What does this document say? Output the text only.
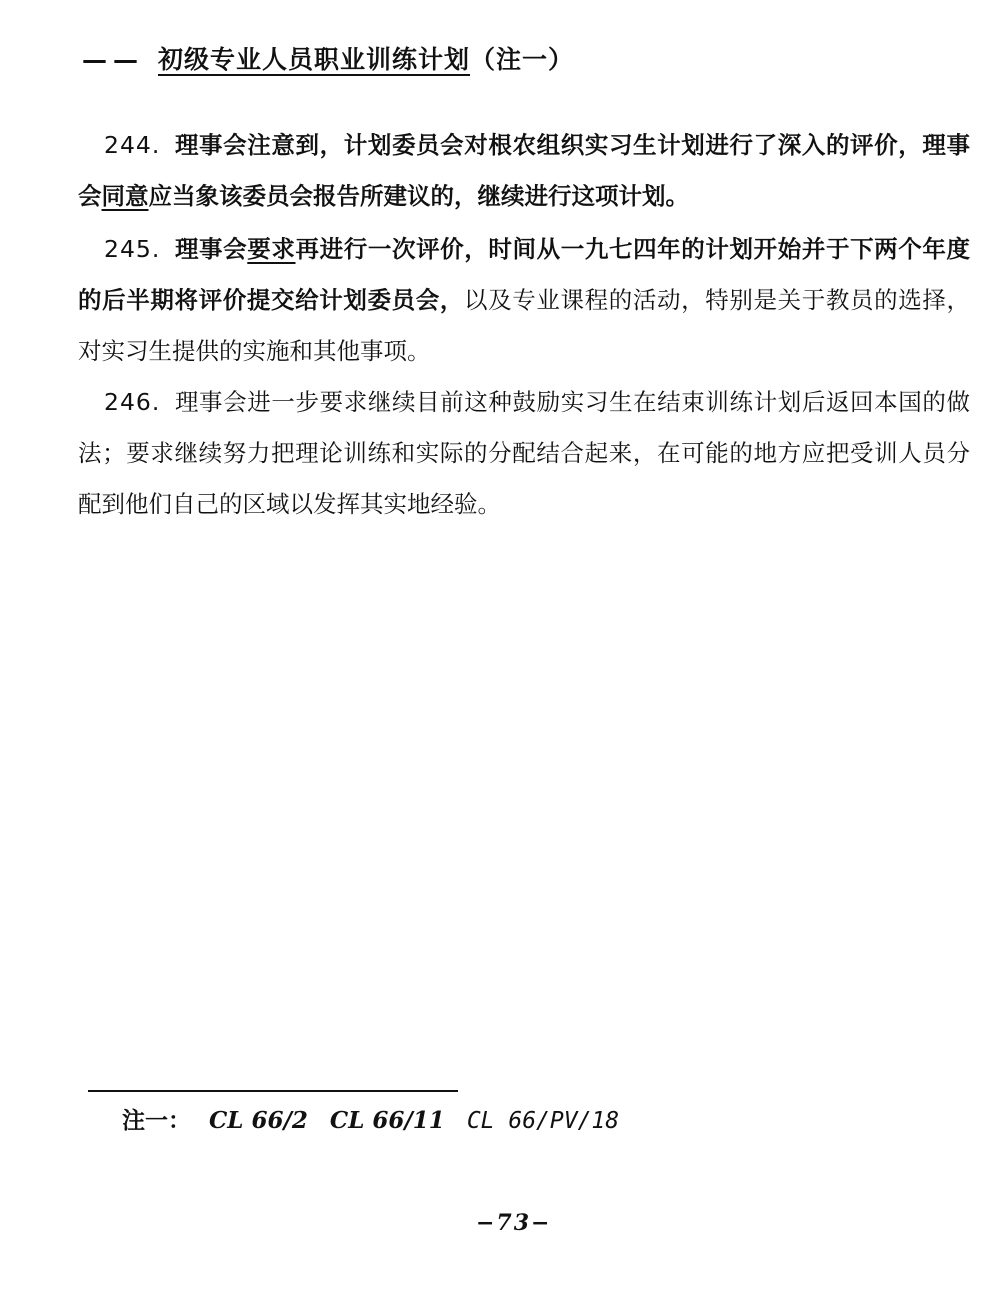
—— 初级专业人员职业训练计划（注一）

244. 理事会注意到，计划委员会对根农组织实习生计划进行了深入的评价，理事会同意应当象该委员会报告所建议的，继续进行这项计划。

245. 理事会要求再进行一次评价，时间从一九七四年的计划开始并于下两个年度的后半期将评价提交给计划委员会，以及专业课程的活动，特别是关于教员的选择，对实习生提供的实施和其他事项。

246. 理事会进一步要求继续目前这种鼓励实习生在结束训练计划后返回本国的做法；要求继续努力把理论训练和实际的分配结合起来，在可能的地方应把受训人员分配到他们自己的区域以发挥其实地经验。

注一： CL 66/2 CL 66/11 CL 66/PV/18
−73−
